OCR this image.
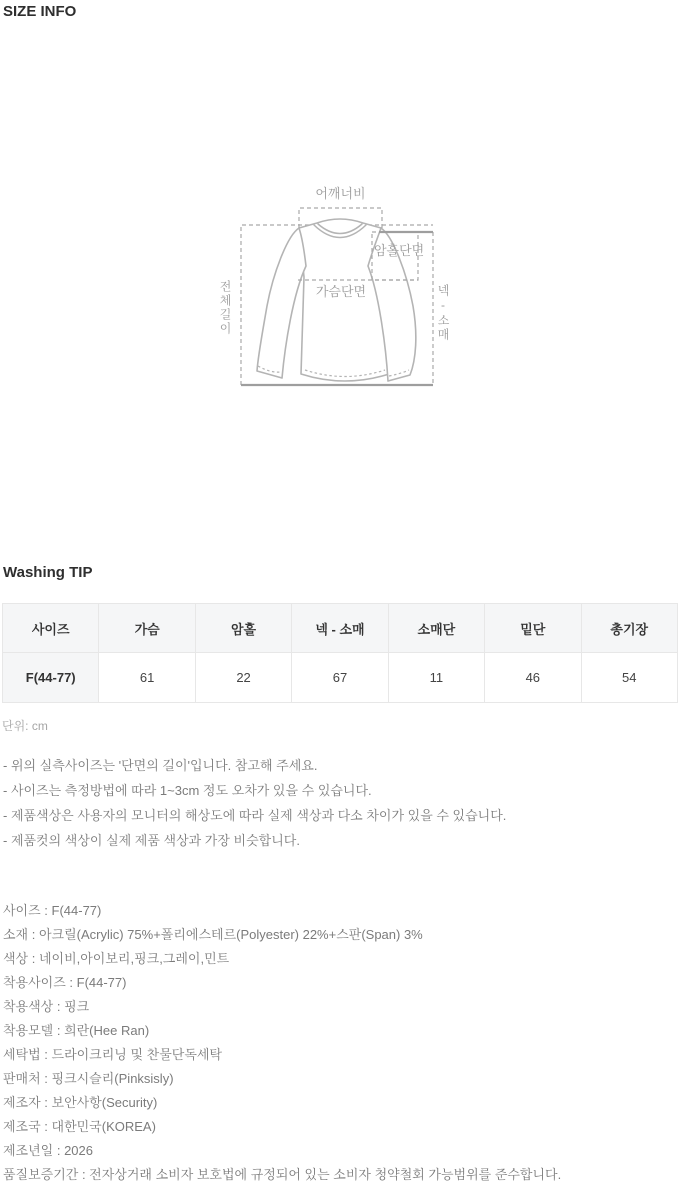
SIZE INFO
어깨너비
암홀단면
가슴단면
전체길이	넥-소매
Washing TIP
사이즈	가슴	암홀	넥 - 소매	소매단	밑단	총기장
F(44-77)	61	22	67	11	46	54
단위: cm
- 위의 실측사이즈는 '단면의 길이'입니다. 참고해 주세요.
- 사이즈는 측정방법에 따라 1~3cm 정도 오차가 있을 수 있습니다.
- 제품색상은 사용자의 모니터의 해상도에 따라 실제 색상과 다소 차이가 있을 수 있습니다.
- 제품컷의 색상이 실제 제품 색상과 가장 비슷합니다.
사이즈 : F(44-77)
소재 : 아크릴(Acrylic) 75%+폴리에스테르(Polyester) 22%+스판(Span) 3%
색상 : 네이비,아이보리,핑크,그레이,민트
착용사이즈 : F(44-77)
착용색상 : 핑크
착용모델 : 희란(Hee Ran)
세탁법 : 드라이크리닝 및 찬물단독세탁
판매처 : 핑크시슬리(Pinksisly)
제조자 : 보안사항(Security)
제조국 : 대한민국(KOREA)
제조년일 : 2026
품질보증기간 : 전자상거래 소비자 보호법에 규정되어 있는 소비자 청약철회 가능범위를 준수합니다.
